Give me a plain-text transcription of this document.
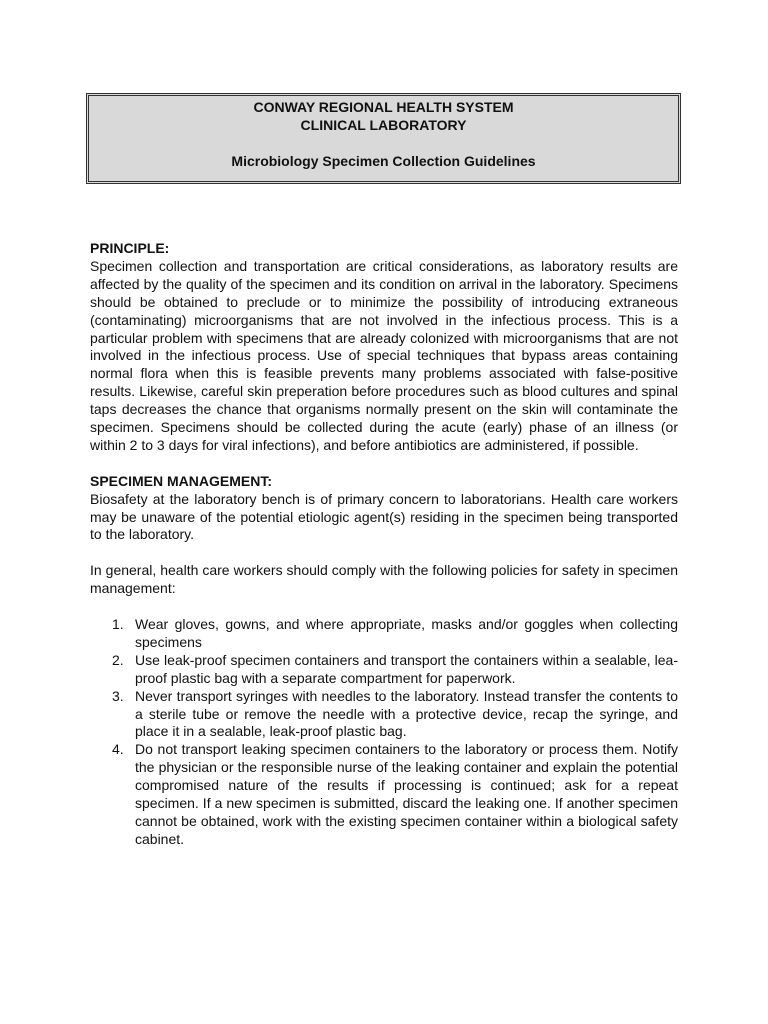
CONWAY REGIONAL HEALTH SYSTEM
CLINICAL LABORATORY
Microbiology Specimen Collection Guidelines

PRINCIPLE:

Specimen collection and transportation are critical considerations, as laboratory results are affected by the quality of the specimen and its condition on arrival in the laboratory. Specimens should be obtained to preclude or to minimize the possibility of introducing extraneous (contaminating) microorganisms that are not involved in the infectious process. This is a particular problem with specimens that are already colonized with microorganisms that are not involved in the infectious process. Use of special techniques that bypass areas containing normal flora when this is feasible prevents many problems associated with false-positive results. Likewise, careful skin preperation before procedures such as blood cultures and spinal taps decreases the chance that organisms normally present on the skin will contaminate the specimen. Specimens should be collected during the acute (early) phase of an illness (or within 2 to 3 days for viral infections), and before antibiotics are administered, if possible.

SPECIMEN MANAGEMENT:

Biosafety at the laboratory bench is of primary concern to laboratorians. Health care workers may be unaware of the potential etiologic agent(s) residing in the specimen being transported to the laboratory.

In general, health care workers should comply with the following policies for safety in specimen management:

1. Wear gloves, gowns, and where appropriate, masks and/or goggles when collecting specimens
2. Use leak-proof specimen containers and transport the containers within a sealable, lea-proof plastic bag with a separate compartment for paperwork.
3. Never transport syringes with needles to the laboratory. Instead transfer the contents to a sterile tube or remove the needle with a protective device, recap the syringe, and place it in a sealable, leak-proof plastic bag.
4. Do not transport leaking specimen containers to the laboratory or process them. Notify the physician or the responsible nurse of the leaking container and explain the potential compromised nature of the results if processing is continued; ask for a repeat specimen. If a new specimen is submitted, discard the leaking one. If another specimen cannot be obtained, work with the existing specimen container within a biological safety cabinet.
